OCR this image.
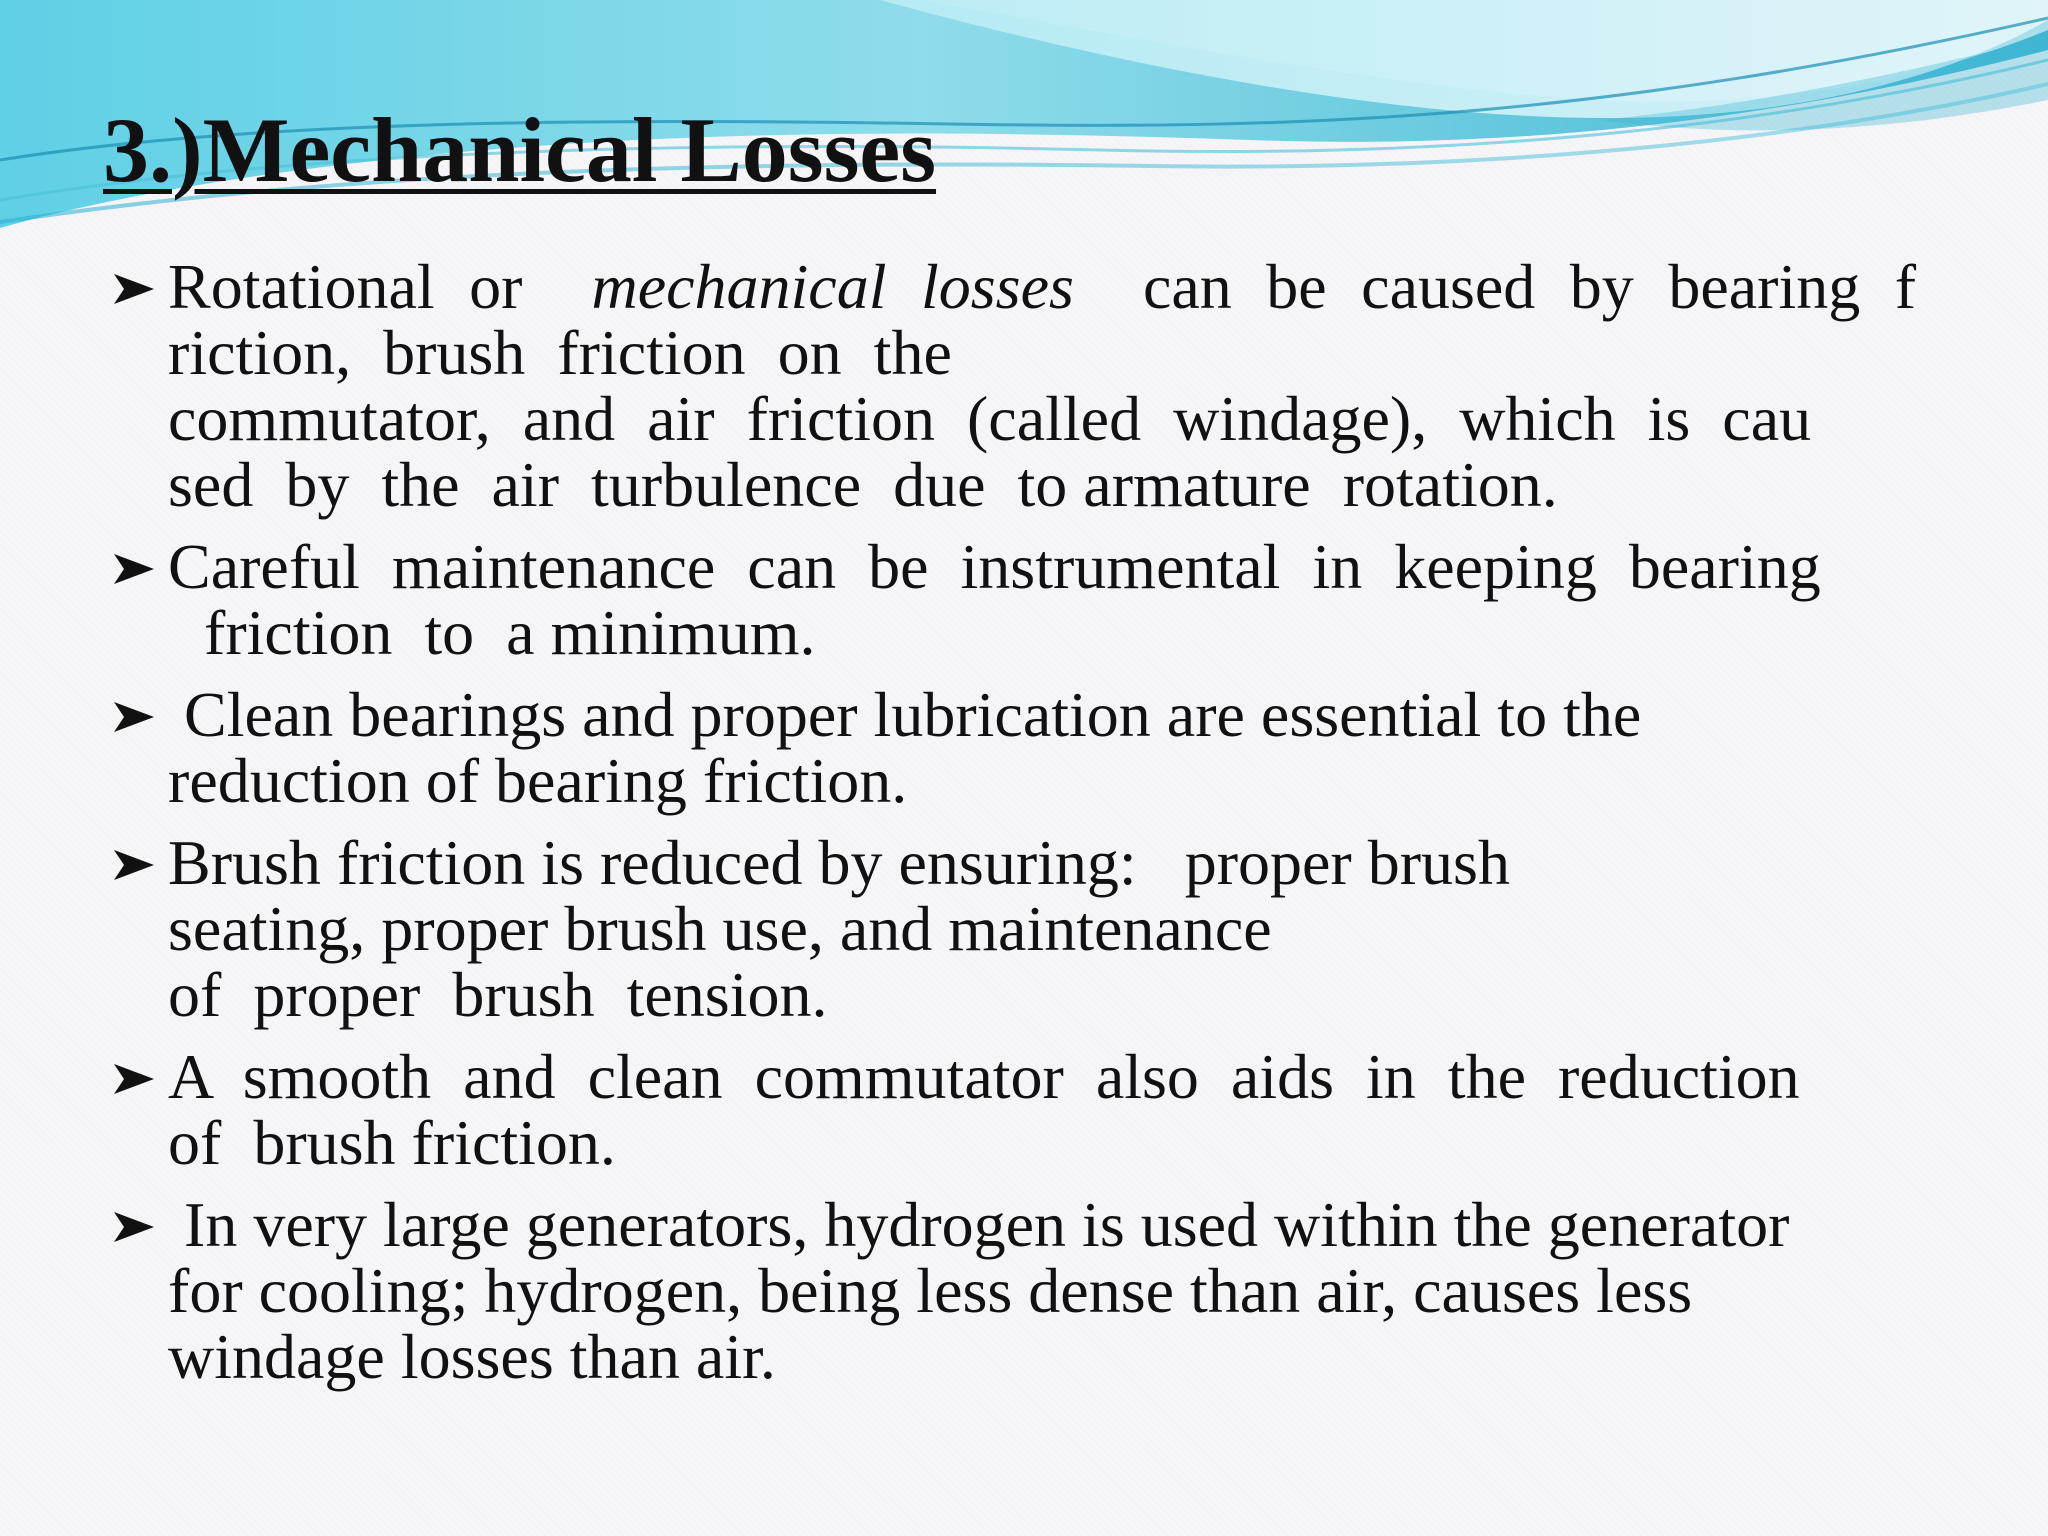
3.)Mechanical Losses
Rotational or mechanical losses can be caused by bearing f
riction,  brush  friction  on  the
commutator,  and  air  friction  (called  windage),  which  is  cau
sed  by  the  air  turbulence  due  to armature  rotation.
Careful  maintenance  can  be  instrumental  in  keeping  bearing
friction  to  a minimum.
Clean bearings and proper lubrication are essential to the
reduction of bearing friction.
Brush friction is reduced by ensuring:   proper brush
seating, proper brush use, and maintenance
of  proper  brush  tension.
A  smooth  and  clean  commutator  also  aids  in  the  reduction
of  brush friction.
In very large generators, hydrogen is used within the generator
for cooling; hydrogen, being less dense than air, causes less
windage losses than air.
